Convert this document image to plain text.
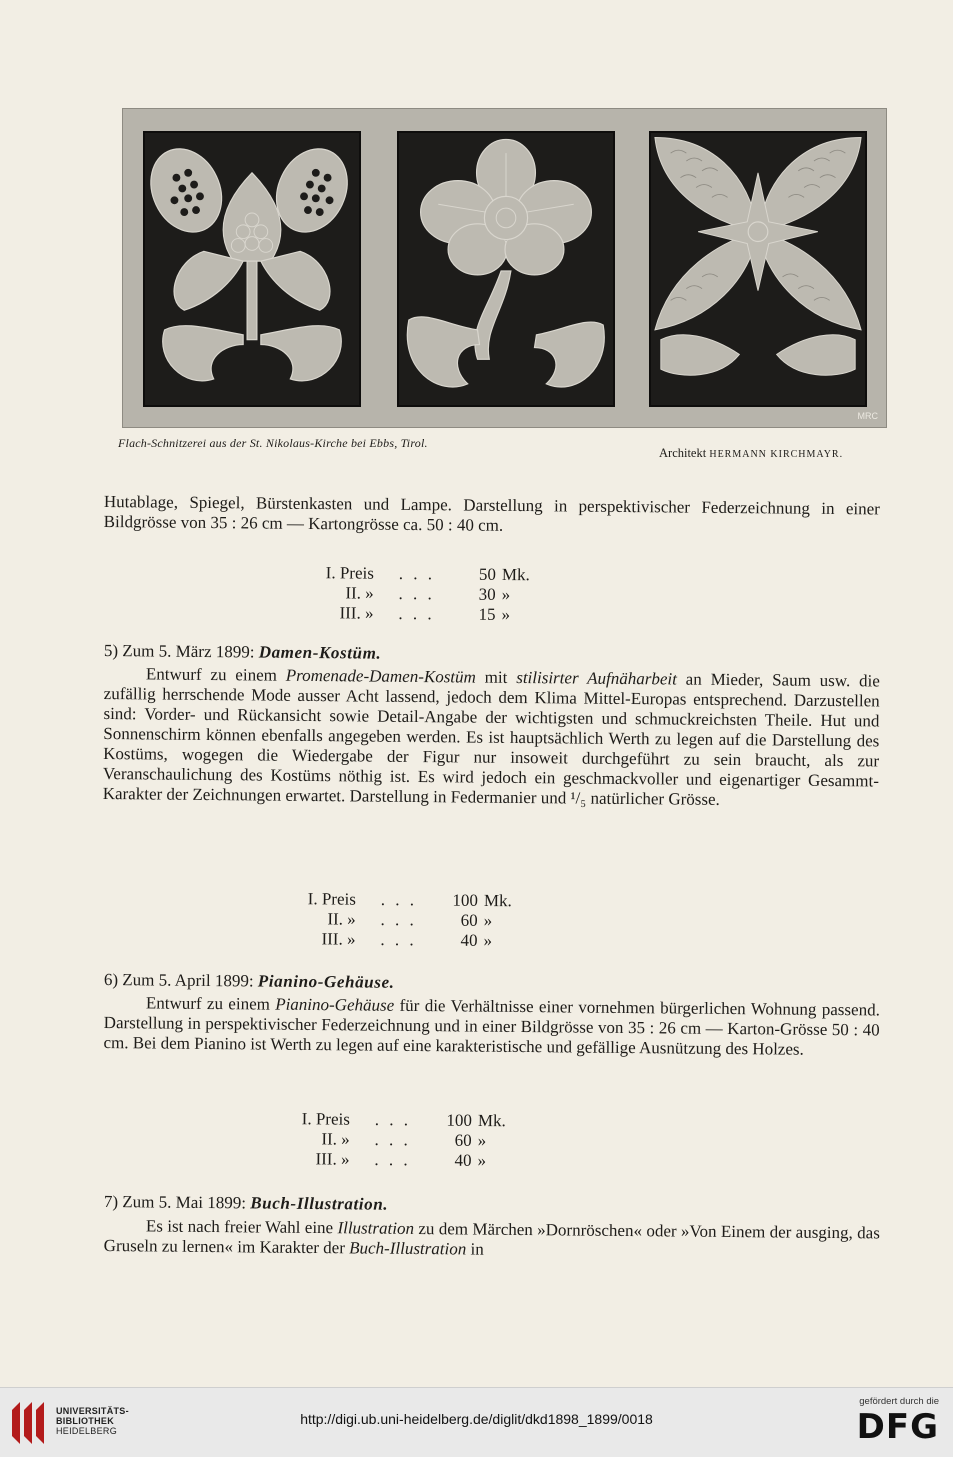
MRC
Flach-Schnitzerei aus der St. Nikolaus-Kirche bei Ebbs, Tirol.
Architekt HERMANN KIRCHMAYR.

Hutablage, Spiegel, Bürstenkasten und Lampe. Darstellung in perspektivischer Federzeichnung in einer Bildgrösse von 35 : 26 cm — Kartongrösse ca. 50 : 40 cm.

I. Preis	. . .	50 Mk.
II. »	. . .	30 »
III. »	. . .	15 »
5) Zum 5. März 1899: Damen-Kostüm.

Entwurf zu einem Promenade-Damen-Kostüm mit stilisirter Aufnäharbeit an Mieder, Saum usw. die zufällig herrschende Mode ausser Acht lassend, jedoch dem Klima Mittel-Europas entsprechend. Darzustellen sind: Vorder- und Rückansicht sowie Detail-Angabe der wichtigsten und schmuckreichsten Theile. Hut und Sonnenschirm können ebenfalls angegeben werden. Es ist hauptsächlich Werth zu legen auf die Darstellung des Kostüms, wogegen die Wiedergabe der Figur nur insoweit durchgeführt zu sein braucht, als zur Veranschaulichung des Kostüms nöthig ist. Es wird jedoch ein geschmackvoller und eigenartiger Gesammt-Karakter der Zeichnungen erwartet. Darstellung in Federmanier und ¹/₅ natürlicher Grösse.

I. Preis	. . .	100 Mk.
II. »	. . .	60 »
III. »	. . .	40 »
6) Zum 5. April 1899: Pianino-Gehäuse.

Entwurf zu einem Pianino-Gehäuse für die Verhältnisse einer vornehmen bürgerlichen Wohnung passend. Darstellung in perspektivischer Federzeichnung und in einer Bildgrösse von 35 : 26 cm — Karton-Grösse 50 : 40 cm. Bei dem Pianino ist Werth zu legen auf eine karakteristische und gefällige Ausnützung des Holzes.

I. Preis	. . .	100 Mk.
II. »	. . .	60 »
III. »	. . .	40 »
7) Zum 5. Mai 1899: Buch-Illustration.

Es ist nach freier Wahl eine Illustration zu dem Märchen »Dornröschen« oder »Von Einem der ausging, das Gruseln zu lernen« im Karakter der Buch-Illustration in

UNIVERSITÄTS-
BIBLIOTHEK
HEIDELBERG
http://digi.ub.uni-heidelberg.de/diglit/dkd1898_1899/0018
gefördert durch die
DFG
